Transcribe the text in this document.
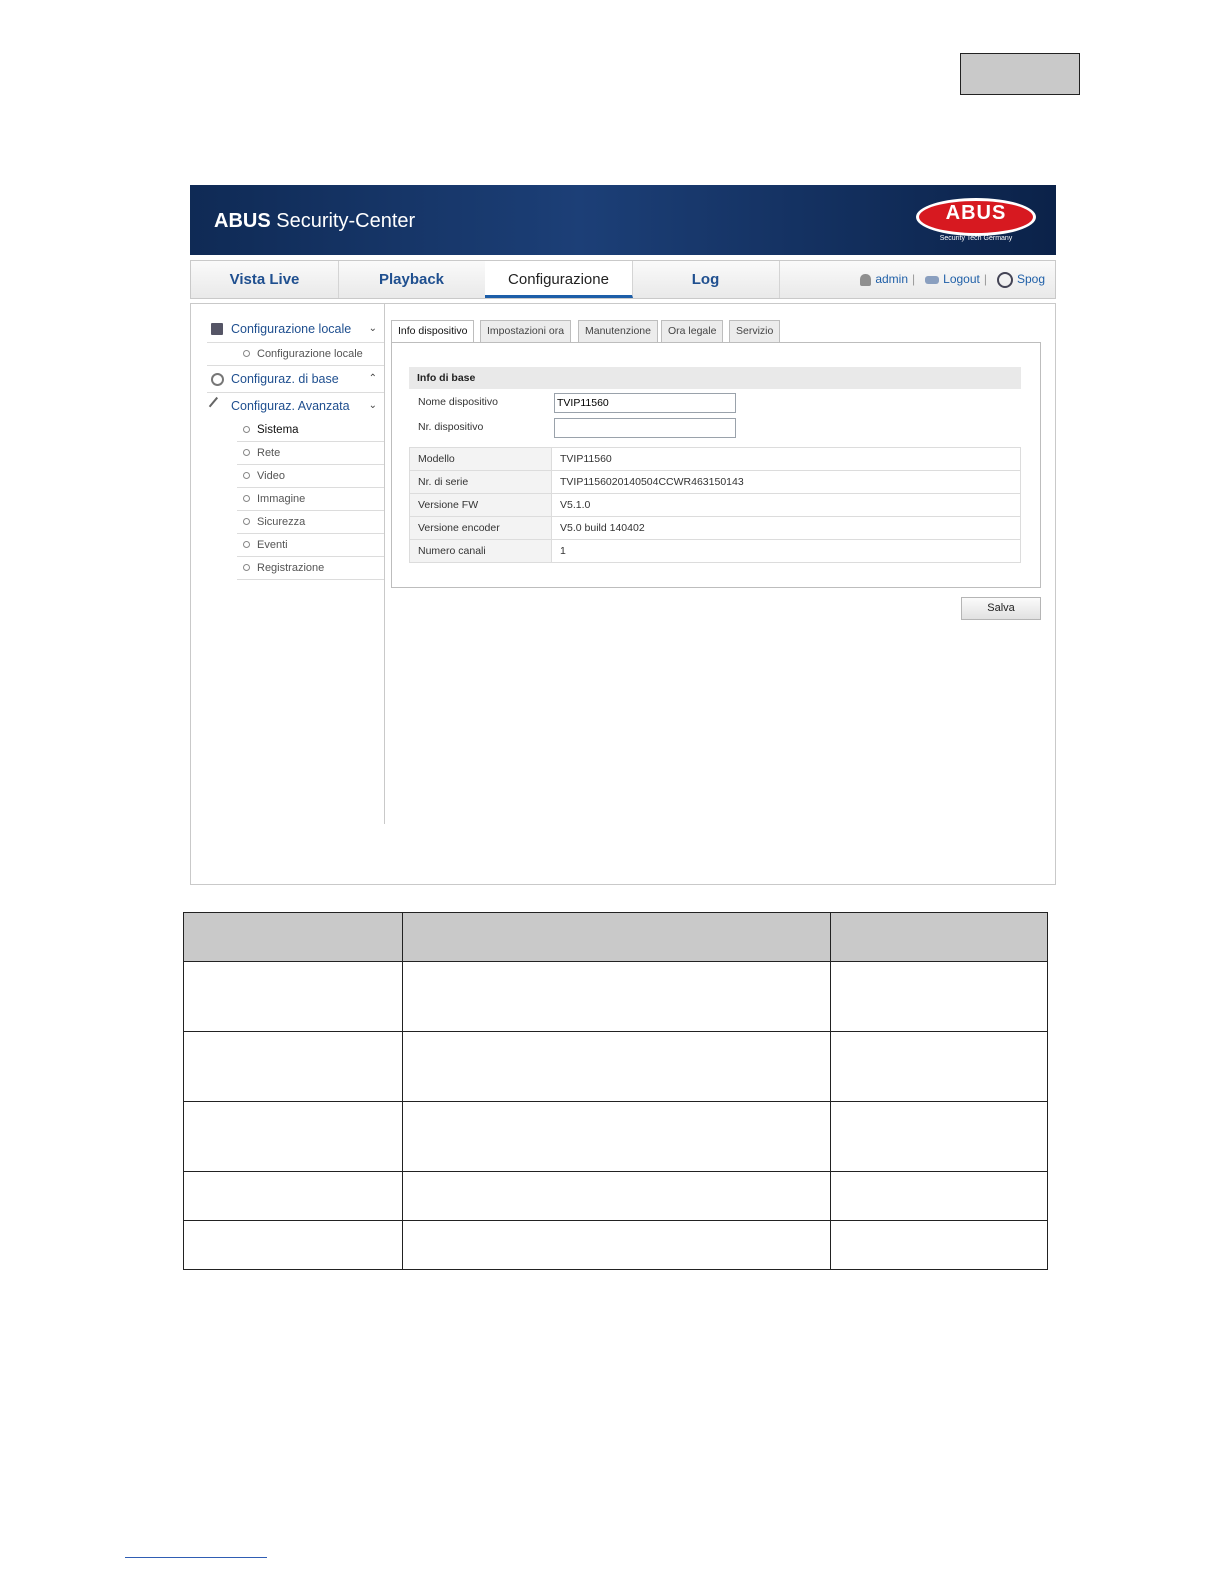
ABUS Security-Center	ABUS
Security Tech Germany
Vista Live	Playback	Configurazione	Log	admin | Logout |	Spog
Configurazione locale ⌄
Configurazione locale
Configuraz. di base	⌃
Configuraz. Avanzata ⌄
Sistema
Rete
Video
Immagine
Sicurezza
Eventi
Registrazione
Info dispositivo	Impostazioni ora	Manutenzione	Ora legale	Servizio
Info di base
Nome dispositivo
TVIP11560
Nr. dispositivo
Modello	TVIP11560
Nr. di serie	TVIP115602014050​4CCWR463150143
Versione FW	V5.1.0
Versione encoder	V5.0 build 140402
Numero canali	1
Salva
